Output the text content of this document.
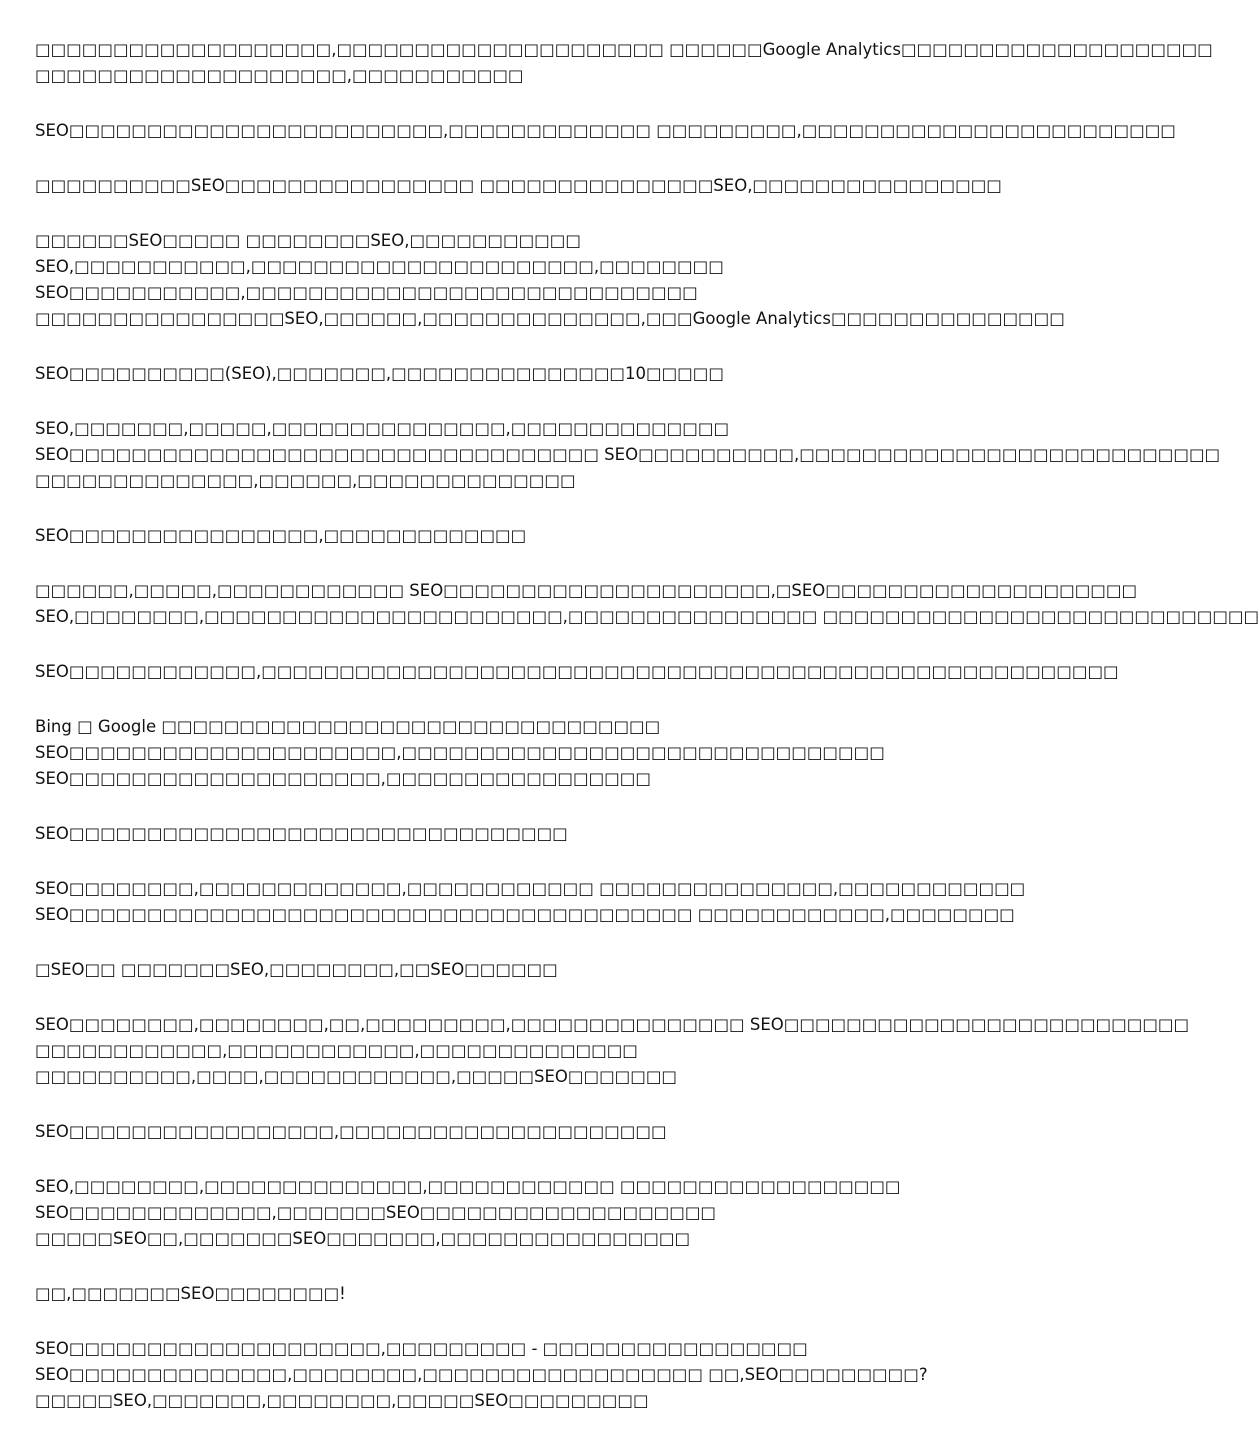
□□□□□□□□□□□□□□□□□□□,□□□□□□□□□□□□□□□□□□□□□ □□□□□□Google Analytics□□□□□□□□□□□□□□□□□□□□
□□□□□□□□□□□□□□□□□□□□,□□□□□□□□□□□
SEO□□□□□□□□□□□□□□□□□□□□□□□□,□□□□□□□□□□□□□ □□□□□□□□□,□□□□□□□□□□□□□□□□□□□□□□□□
□□□□□□□□□□SEO□□□□□□□□□□□□□□□□ □□□□□□□□□□□□□□□SEO,□□□□□□□□□□□□□□□□
□□□□□□SEO□□□□□ □□□□□□□□SEO,□□□□□□□□□□□
SEO,□□□□□□□□□□□,□□□□□□□□□□□□□□□□□□□□□□,□□□□□□□□
SEO□□□□□□□□□□□,□□□□□□□□□□□□□□□□□□□□□□□□□□□□□
□□□□□□□□□□□□□□□□SEO,□□□□□□,□□□□□□□□□□□□□□,□□□Google Analytics□□□□□□□□□□□□□□□
SEO□□□□□□□□□□(SEO),□□□□□□□,□□□□□□□□□□□□□□□10□□□□□
SEO,□□□□□□□,□□□□□,□□□□□□□□□□□□□□□,□□□□□□□□□□□□□□
SEO□□□□□□□□□□□□□□□□□□□□□□□□□□□□□□□□□□ SEO□□□□□□□□□□,□□□□□□□□□□□□□□□□□□□□□□□□□□□
□□□□□□□□□□□□□□,□□□□□□,□□□□□□□□□□□□□□
SEO□□□□□□□□□□□□□□□□,□□□□□□□□□□□□□
□□□□□□,□□□□□,□□□□□□□□□□□□ SEO□□□□□□□□□□□□□□□□□□□□□,□SEO□□□□□□□□□□□□□□□□□□□□
SEO,□□□□□□□□,□□□□□□□□□□□□□□□□□□□□□□□,□□□□□□□□□□□□□□□□ □□□□□□□□□□□□□□□□□□□□□□□□□□□□
SEO□□□□□□□□□□□□,□□□□□□□□□□□□□□□□□□□□□□□□□□□□□□□□□□□□□□□□□□□□□□□□□□□□□□□
Bing □ Google □□□□□□□□□□□□□□□□□□□□□□□□□□□□□□□□
SEO□□□□□□□□□□□□□□□□□□□□□,□□□□□□□□□□□□□□□□□□□□□□□□□□□□□□□
SEO□□□□□□□□□□□□□□□□□□□□,□□□□□□□□□□□□□□□□□
SEO□□□□□□□□□□□□□□□□□□□□□□□□□□□□□□□□
SEO□□□□□□□□,□□□□□□□□□□□□□,□□□□□□□□□□□□ □□□□□□□□□□□□□□□,□□□□□□□□□□□□
SEO□□□□□□□□□□□□□□□□□□□□□□□□□□□□□□□□□□□□□□□□ □□□□□□□□□□□□,□□□□□□□□
□SEO□□ □□□□□□□SEO,□□□□□□□□,□□SEO□□□□□□
SEO□□□□□□□□,□□□□□□□□,□□,□□□□□□□□□,□□□□□□□□□□□□□□□ SEO□□□□□□□□□□□□□□□□□□□□□□□□□□
□□□□□□□□□□□□,□□□□□□□□□□□□,□□□□□□□□□□□□□□
□□□□□□□□□□,□□□□,□□□□□□□□□□□□,□□□□□SEO□□□□□□□
SEO□□□□□□□□□□□□□□□□□,□□□□□□□□□□□□□□□□□□□□□
SEO,□□□□□□□□,□□□□□□□□□□□□□□,□□□□□□□□□□□□ □□□□□□□□□□□□□□□□□□
SEO□□□□□□□□□□□□□,□□□□□□□SEO□□□□□□□□□□□□□□□□□□□
□□□□□SEO□□,□□□□□□□SEO□□□□□□□,□□□□□□□□□□□□□□□□
□□,□□□□□□□SEO□□□□□□□□!
SEO□□□□□□□□□□□□□□□□□□□□,□□□□□□□□□ - □□□□□□□□□□□□□□□□□
SEO□□□□□□□□□□□□□□,□□□□□□□□,□□□□□□□□□□□□□□□□□□ □□,SEO□□□□□□□□□?
□□□□□SEO,□□□□□□□,□□□□□□□□,□□□□□SEO□□□□□□□□□
